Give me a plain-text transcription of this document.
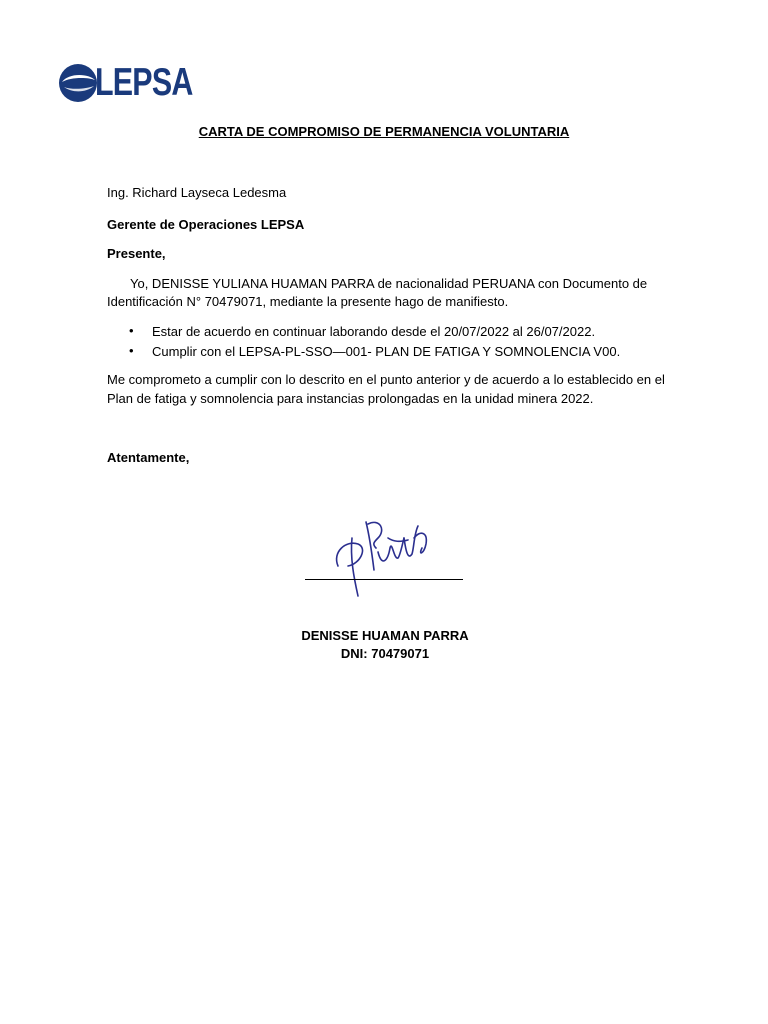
LEPSA
CARTA DE COMPROMISO DE PERMANENCIA VOLUNTARIA
Ing. Richard Layseca Ledesma
Gerente de Operaciones LEPSA
Presente,
Yo, DENISSE YULIANA HUAMAN PARRA de nacionalidad PERUANA con Documento de
Identificación N° 70479071, mediante la presente hago de manifiesto.
• Estar de acuerdo en continuar laborando desde el 20/07/2022 al 26/07/2022.
• Cumplir con el LEPSA-PL-SSO—001- PLAN DE FATIGA Y SOMNOLENCIA V00.
Me comprometo a cumplir con lo descrito en el punto anterior y de acuerdo a lo establecido en el
Plan de fatiga y somnolencia para instancias prolongadas en la unidad minera 2022.
Atentamente,
DENISSE HUAMAN PARRA
DNI: 70479071
